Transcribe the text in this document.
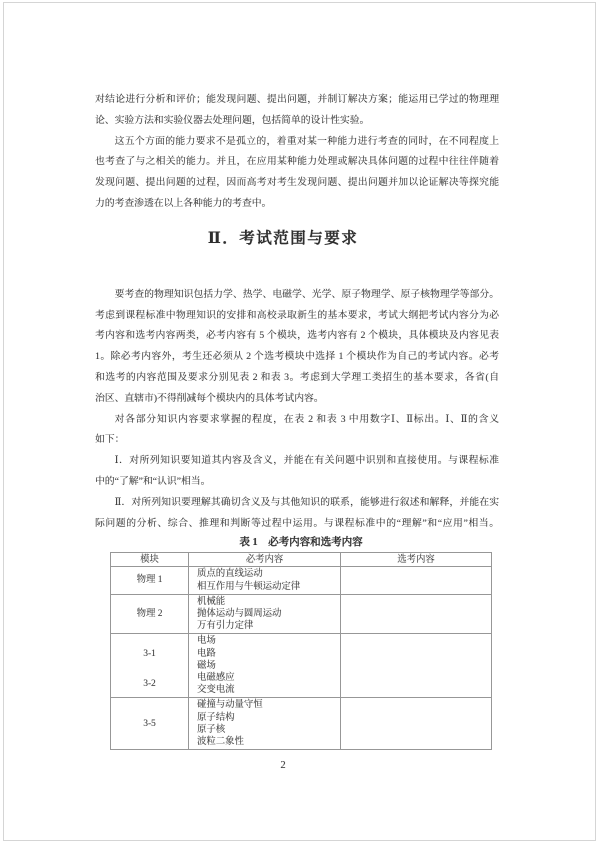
对结论进行分析和评价；能发现问题、提出问题，并制订解决方案；能运用已学过的物理理
论、实验方法和实验仪器去处理问题，包括简单的设计性实验。
这五个方面的能力要求不是孤立的，着重对某一种能力进行考查的同时，在不同程度上
也考查了与之相关的能力。并且，在应用某种能力处理或解决具体问题的过程中往往伴随着
发现问题、提出问题的过程，因而高考对考生发现问题、提出问题并加以论证解决等探究能
力的考查渗透在以上各种能力的考查中。
Ⅱ．考试范围与要求
要考查的物理知识包括力学、热学、电磁学、光学、原子物理学、原子核物理学等部分。
考虑到课程标准中物理知识的安排和高校录取新生的基本要求，考试大纲把考试内容分为必
考内容和选考内容两类，必考内容有 5 个模块，选考内容有 2 个模块，具体模块及内容见表
1。除必考内容外，考生还必须从 2 个选考模块中选择 1 个模块作为自己的考试内容。必考
和选考的内容范围及要求分别见表 2 和表 3。考虑到大学理工类招生的基本要求，各省(自
治区、直辖市)不得削减每个模块内的具体考试内容。
对各部分知识内容要求掌握的程度，在表 2 和表 3 中用数字Ⅰ、Ⅱ标出。Ⅰ、Ⅱ的含义
如下：
Ⅰ．对所列知识要知道其内容及含义，并能在有关问题中识别和直接使用。与课程标准
中的“了解”和“认识”相当。
Ⅱ．对所列知识要理解其确切含义及与其他知识的联系，能够进行叙述和解释，并能在实
际问题的分析、综合、推理和判断等过程中运用。与课程标准中的“理解”和“应用”相当。
表 1　必考内容和选考内容
模块	必考内容	选考内容
物理 1
质点的直线运动
相互作用与牛顿运动定律
物理 2
机械能
抛体运动与圆周运动
万有引力定律
3-1
3-2
电场
电路
磁场
电磁感应
交变电流
3-5
碰撞与动量守恒
原子结构
原子核
波粒二象性
2
